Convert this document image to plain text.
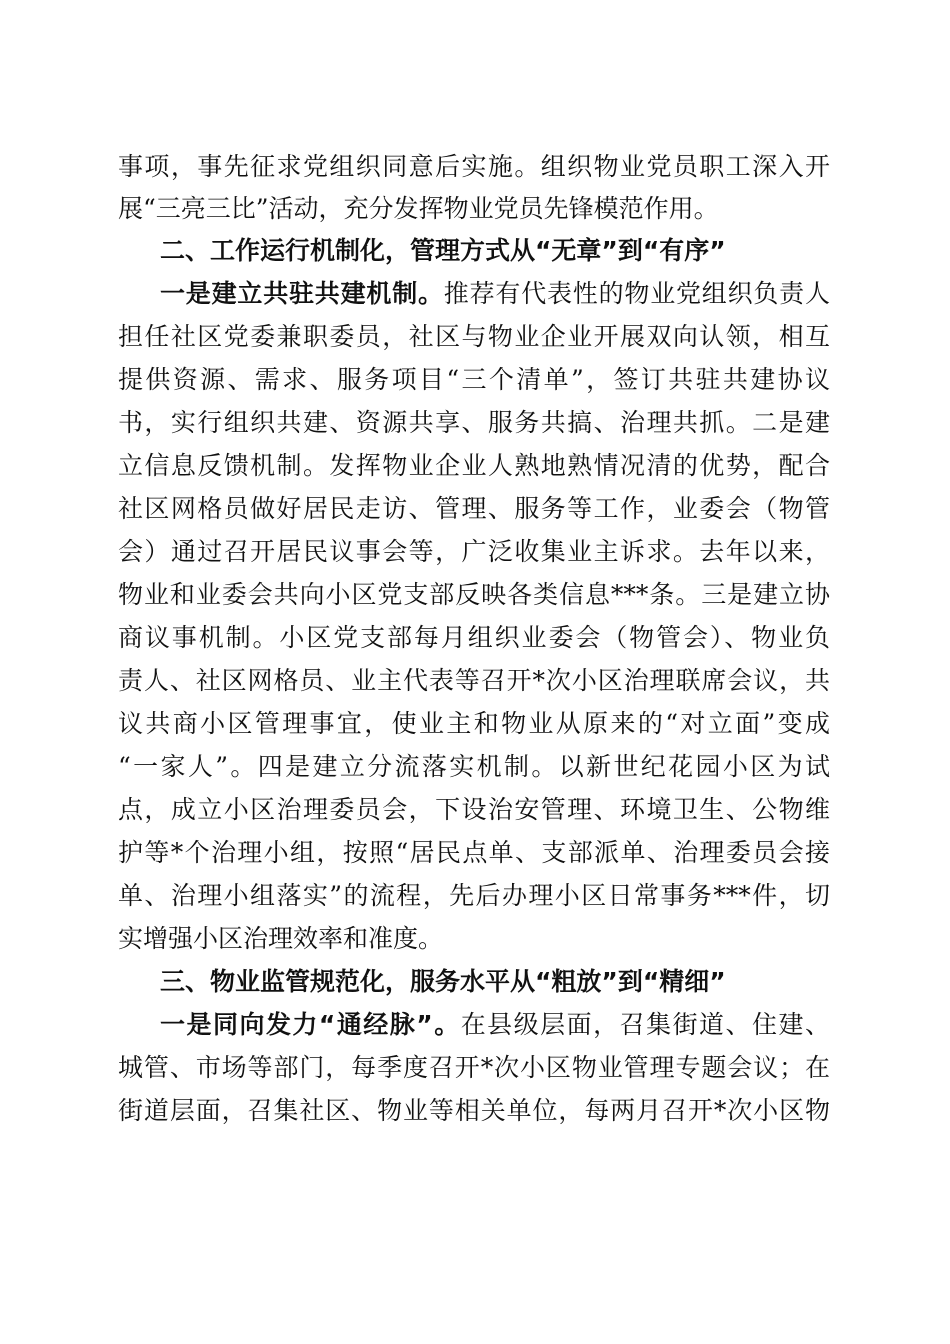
事项，事先征求党组织同意后实施。组织物业党员职工深入开
展“三亮三比”活动，充分发挥物业党员先锋模范作用。
二、工作运行机制化，管理方式从“无章”到“有序”
一是建立共驻共建机制。推荐有代表性的物业党组织负责人
担任社区党委兼职委员，社区与物业企业开展双向认领，相互
提供资源、需求、服务项目“三个清单”，签订共驻共建协议
书，实行组织共建、资源共享、服务共搞、治理共抓。二是建
立信息反馈机制。发挥物业企业人熟地熟情况清的优势，配合
社区网格员做好居民走访、管理、服务等工作，业委会（物管
会）通过召开居民议事会等，广泛收集业主诉求。去年以来，
物业和业委会共向小区党支部反映各类信息***条。三是建立协
商议事机制。小区党支部每月组织业委会（物管会）、物业负
责人、社区网格员、业主代表等召开*次小区治理联席会议，共
议共商小区管理事宜，使业主和物业从原来的“对立面”变成
“一家人”。四是建立分流落实机制。以新世纪花园小区为试
点，成立小区治理委员会，下设治安管理、环境卫生、公物维
护等*个治理小组，按照“居民点单、支部派单、治理委员会接
单、治理小组落实”的流程，先后办理小区日常事务***件，切
实增强小区治理效率和准度。
三、物业监管规范化，服务水平从“粗放”到“精细”
一是同向发力“通经脉”。在县级层面，召集街道、住建、
城管、市场等部门，每季度召开*次小区物业管理专题会议；在
街道层面，召集社区、物业等相关单位，每两月召开*次小区物
